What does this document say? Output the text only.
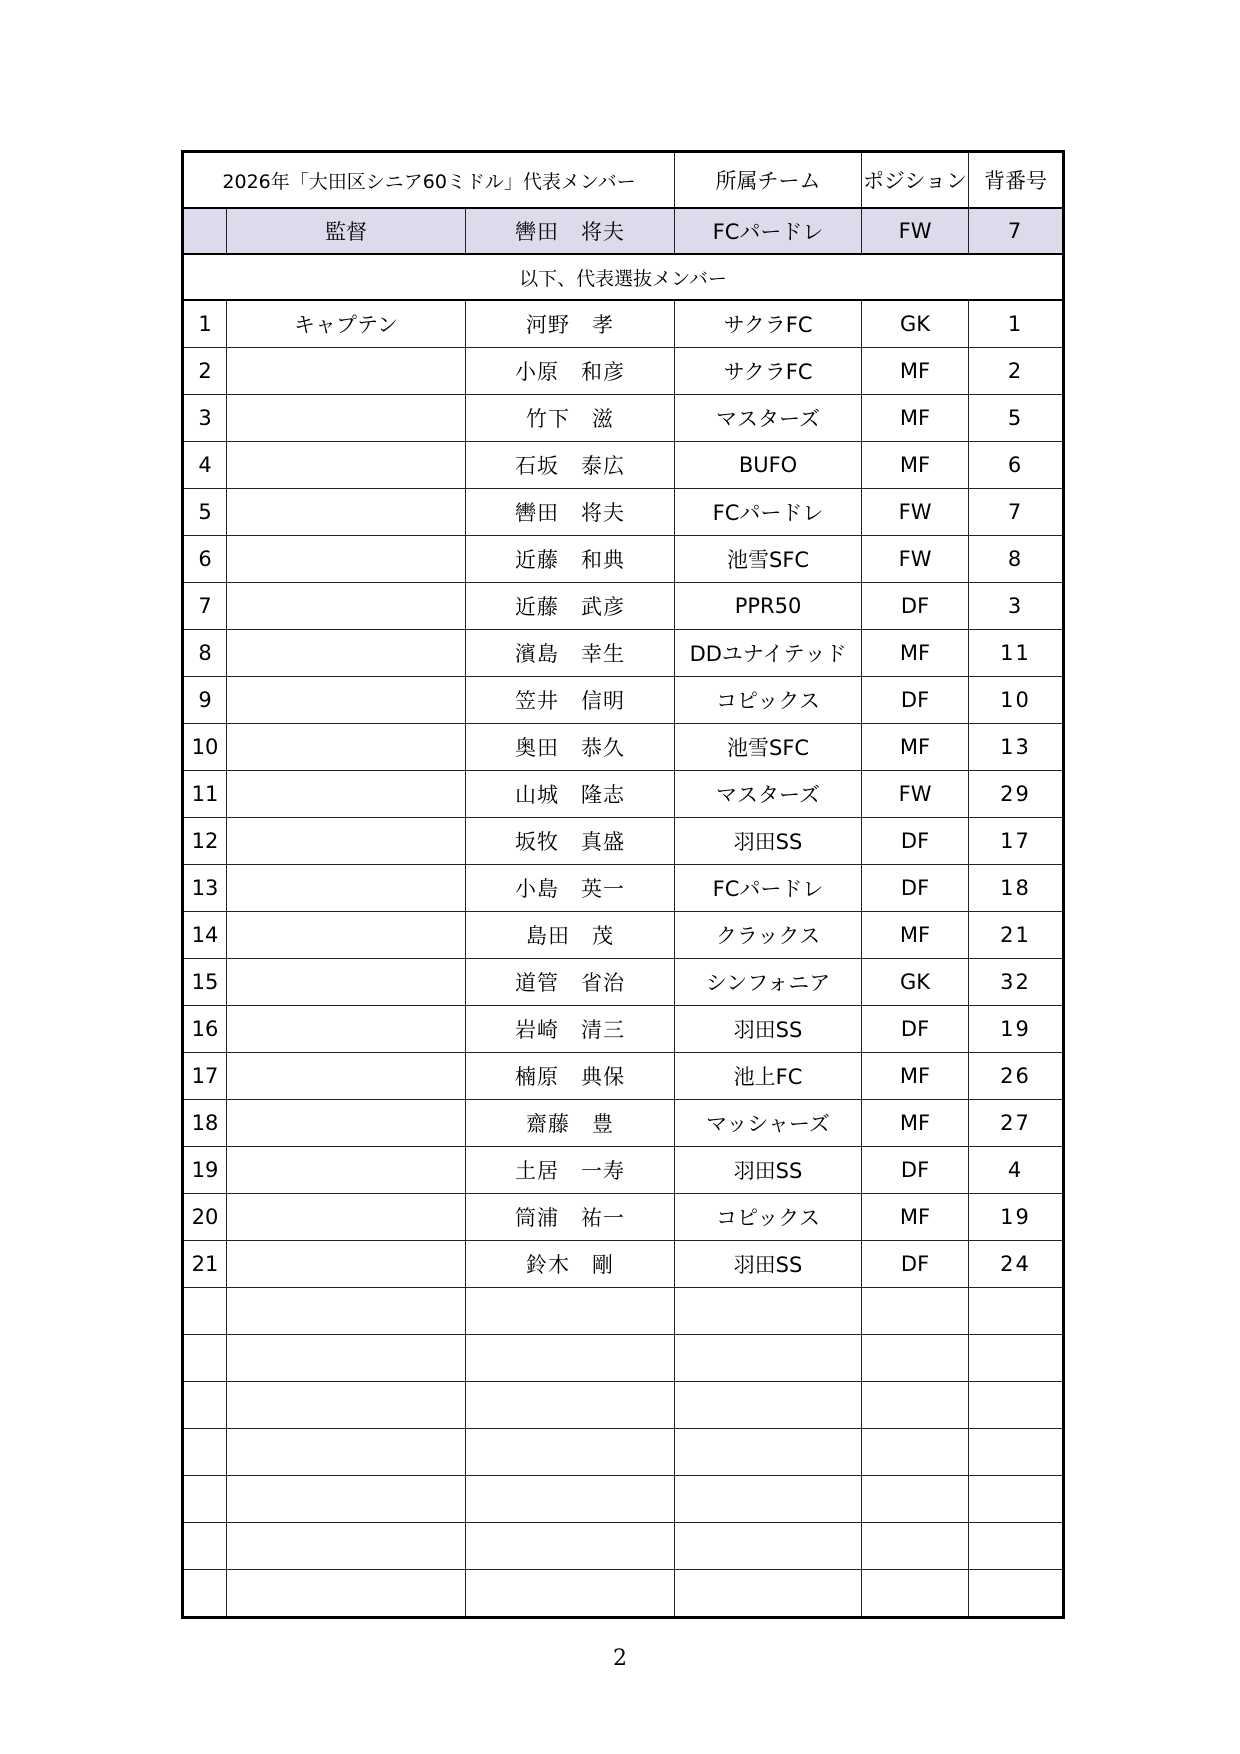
2026年「大田区シニア60ミドル」代表メンバー			所属チーム	ポジション	背番号
	監督	轡田　将夫	FCパードレ	FW	7
以下、代表選抜メンバー					
1	キャプテン	河野　孝	サクラFC	GK	1
2		小原　和彦	サクラFC	MF	2
3		竹下　滋	マスターズ	MF	5
4		石坂　泰広	BUFO	MF	6
5		轡田　将夫	FCパードレ	FW	7
6		近藤　和典	池雪SFC	FW	8
7		近藤　武彦	PPR50	DF	3
8		濱島　幸生	DDユナイテッド	MF	11
9		笠井　信明	コピックス	DF	10
10		奥田　恭久	池雪SFC	MF	13
11		山城　隆志	マスターズ	FW	29
12		坂牧　真盛	羽田SS	DF	17
13		小島　英一	FCパードレ	DF	18
14		島田　茂	クラックス	MF	21
15		道管　省治	シンフォニア	GK	32
16		岩崎　清三	羽田SS	DF	19
17		楠原　典保	池上FC	MF	26
18		齋藤　豊	マッシャーズ	MF	27
19		土居　一寿	羽田SS	DF	4
20		筒浦　祐一	コピックス	MF	19
21		鈴木　剛	羽田SS	DF	24

2
